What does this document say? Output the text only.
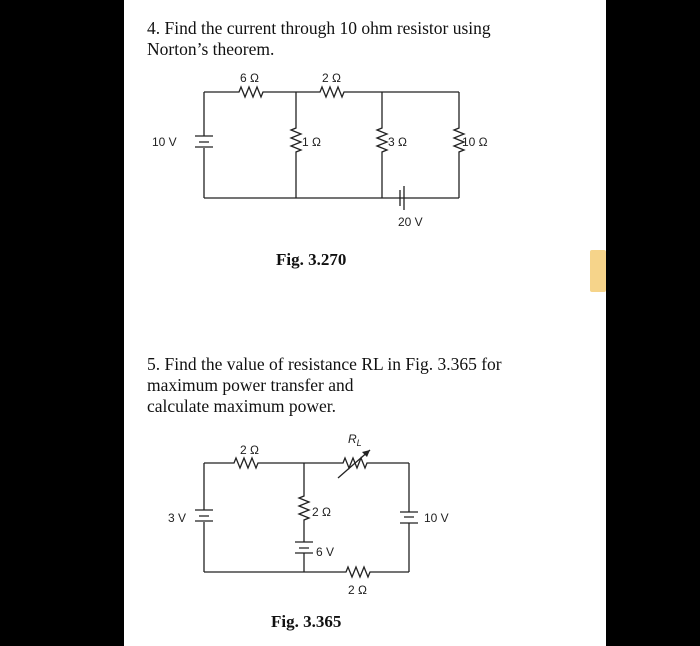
4. Find the current through 10 ohm resistor using
Norton’s theorem.
6 Ω	2 Ω
10 V	1 Ω	3 Ω	10 Ω
20 V
Fig. 3.270
5. Find the value of resistance RL in Fig. 3.365 for
maximum power transfer and
calculate maximum power.
2 Ω
$R_L$
3 V	2 Ω
6 V
2 Ω
10 V
Fig. 3.365
